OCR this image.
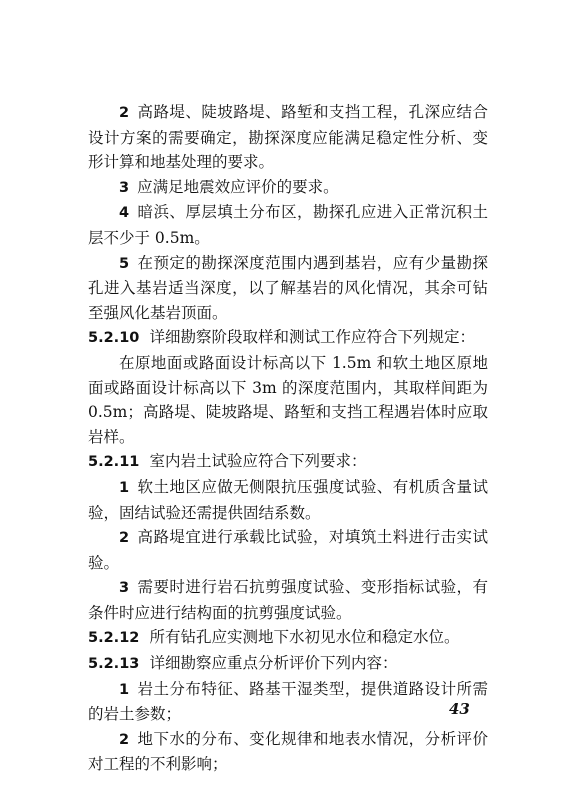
2 高路堤、陡坡路堤、路堑和支挡工程，孔深应结合设计方案的需要确定，勘探深度应能满足稳定性分析、变形计算和地基处理的要求。

3 应满足地震效应评价的要求。

4 暗浜、厚层填土分布区，勘探孔应进入正常沉积土层不少于 0.5m。

5 在预定的勘探深度范围内遇到基岩，应有少量勘探孔进入基岩适当深度，以了解基岩的风化情况，其余可钻至强风化基岩顶面。

5.2.10 详细勘察阶段取样和测试工作应符合下列规定：

在原地面或路面设计标高以下 1.5m 和软土地区原地面或路面设计标高以下 3m 的深度范围内，其取样间距为 0.5m；高路堤、陡坡路堤、路堑和支挡工程遇岩体时应取岩样。

5.2.11 室内岩土试验应符合下列要求：

1 软土地区应做无侧限抗压强度试验、有机质含量试验，固结试验还需提供固结系数。

2 高路堤宜进行承载比试验，对填筑土料进行击实试验。

3 需要时进行岩石抗剪强度试验、变形指标试验，有条件时应进行结构面的抗剪强度试验。

5.2.12 所有钻孔应实测地下水初见水位和稳定水位。

5.2.13 详细勘察应重点分析评价下列内容：

1 岩土分布特征、路基干湿类型，提供道路设计所需的岩土参数；

2 地下水的分布、变化规律和地表水情况，分析评价对工程的不利影响；

43
